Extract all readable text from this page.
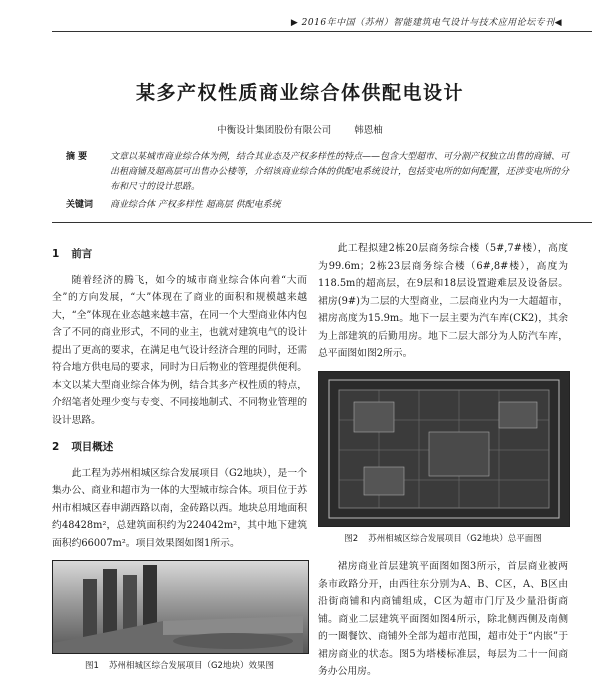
▶ 2016年中国（苏州）智能建筑电气设计与技术应用论坛专刊◀
某多产权性质商业综合体供配电设计
中衡设计集团股份有限公司 韩恩柚
摘 要	文章以某城市商业综合体为例，结合其业态及产权多样性的特点——包含大型超市、可分割产权独立出售的商铺、可出租商铺及超高层可出售办公楼等，介绍该商业综合体的供配电系统设计，包括变电所的如何配置，还涉变电所的分布和尺寸的设计思路。
关键词 商业综合体 产权多样性 超高层 供配电系统
1 前言

随着经济的腾飞，如今的城市商业综合体向着“大而全”的方向发展，“大”体现在了商业的面积和规模越来越大，“全”体现在业态越来越丰富，在同一个大型商业体内包含了不同的商业形式，不同的业主，也就对建筑电气的设计提出了更高的要求，在满足电气设计经济合理的同时，还需符合地方供电局的要求，同时为日后物业的管理提供便利。本文以某大型商业综合体为例，结合其多产权性质的特点，介绍笔者处理少变与专变、不同接地制式、不同物业管理的设计思路。

2 项目概述

此工程为苏州相城区综合发展项目（G2地块），是一个集办公、商业和超市为一体的大型城市综合体。项目位于苏州市相城区春申湖西路以南，金砖路以西。地块总用地面积约48428m²，总建筑面积约为224042m²，其中地下建筑面积约66007m²。项目效果图如图1所示。

图1 苏州相城区综合发展项目（G2地块）效果图

此工程拟建2栋20层商务综合楼（5#,7#楼），高度为99.6m；2栋23层商务综合楼（6#,8#楼），高度为118.5m的超高层，在9层和18层设置避难层及设备层。裙房(9#)为二层的大型商业，二层商业内为一大超超市，裙房高度为15.9m。地下一层主要为汽车库(CK2)，其余为上部建筑的后勤用房。地下二层大部分为人防汽车库，总平面图如图2所示。

图2 苏州相城区综合发展项目（G2地块）总平面图

裙房商业首层建筑平面图如图3所示，首层商业被两条市政路分开，由西往东分别为A、B、C区，A、B区由沿街商铺和内商铺组成，C区为超市门厅及少量沿街商铺。商业二层建筑平面图如图4所示，除北侧西侧及南侧的一圈餐饮、商铺外全部为超市范围，超市处于“内嵌”于裙房商业的状态。图5为塔楼标准层，每层为二十一间商务办公用房。
